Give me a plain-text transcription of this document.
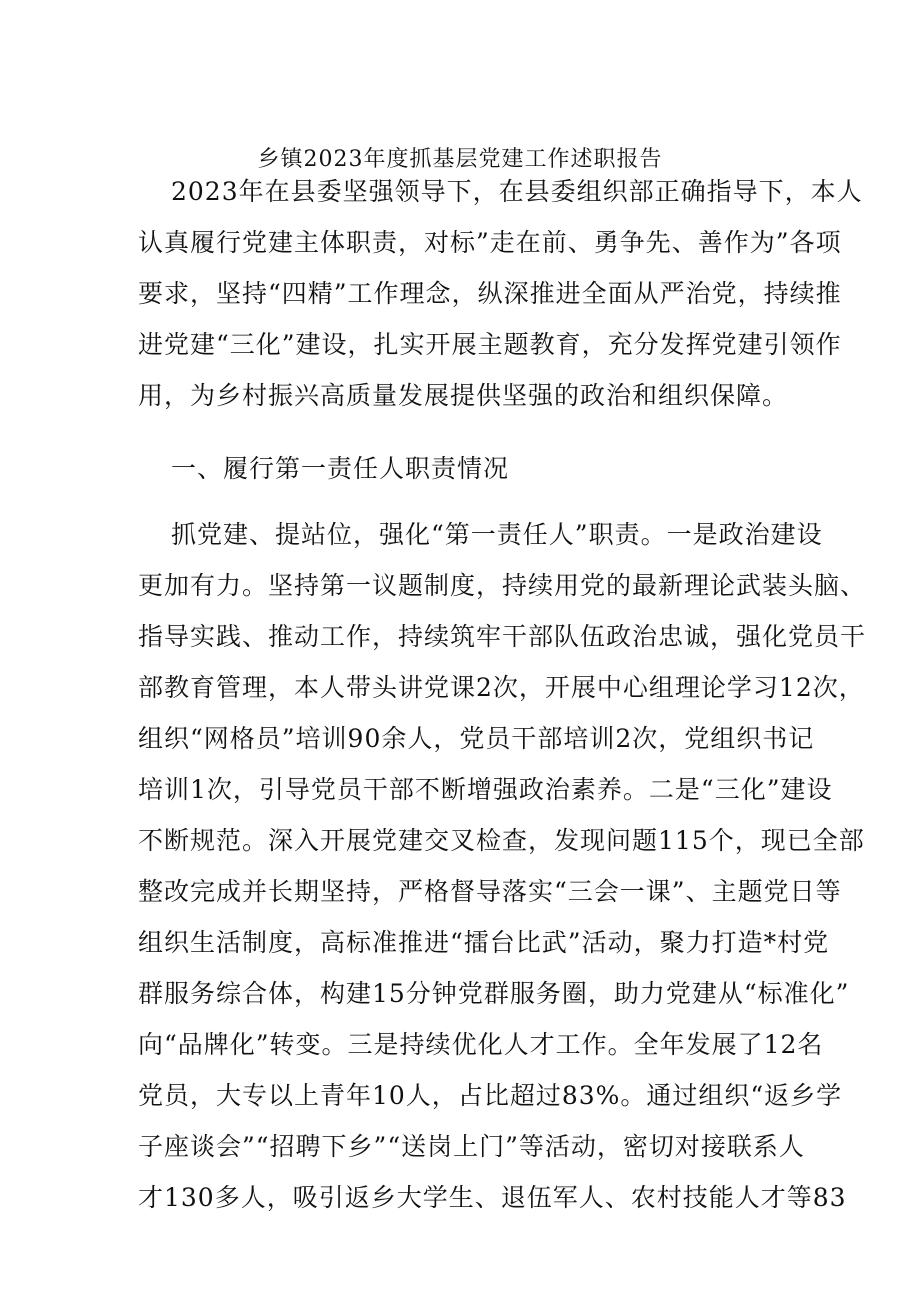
乡镇2023年度抓基层党建工作述职报告
2023年在县委坚强领导下，在县委组织部正确指导下，本人
认真履行党建主体职责，对标”走在前、勇争先、善作为”各项
要求，坚持“四精”工作理念，纵深推进全面从严治党，持续推
进党建“三化”建设，扎实开展主题教育，充分发挥党建引领作
用，为乡村振兴高质量发展提供坚强的政治和组织保障。
一、履行第一责任人职责情况
抓党建、提站位，强化“第一责任人”职责。一是政治建设
更加有力。坚持第一议题制度，持续用党的最新理论武装头脑、
指导实践、推动工作，持续筑牢干部队伍政治忠诚，强化党员干
部教育管理，本人带头讲党课2次，开展中心组理论学习12次，
组织“网格员”培训90余人，党员干部培训2次，党组织书记
培训1次，引导党员干部不断增强政治素养。二是“三化”建设
不断规范。深入开展党建交叉检查，发现问题115个，现已全部
整改完成并长期坚持，严格督导落实“三会一课”、主题党日等
组织生活制度，高标准推进“擂台比武”活动，聚力打造*村党
群服务综合体，构建15分钟党群服务圈，助力党建从“标准化”
向“品牌化”转变。三是持续优化人才工作。全年发展了12名
党员，大专以上青年10人，占比超过83%。通过组织“返乡学
子座谈会”“招聘下乡”“送岗上门”等活动，密切对接联系人
才130多人，吸引返乡大学生、退伍军人、农村技能人才等83
